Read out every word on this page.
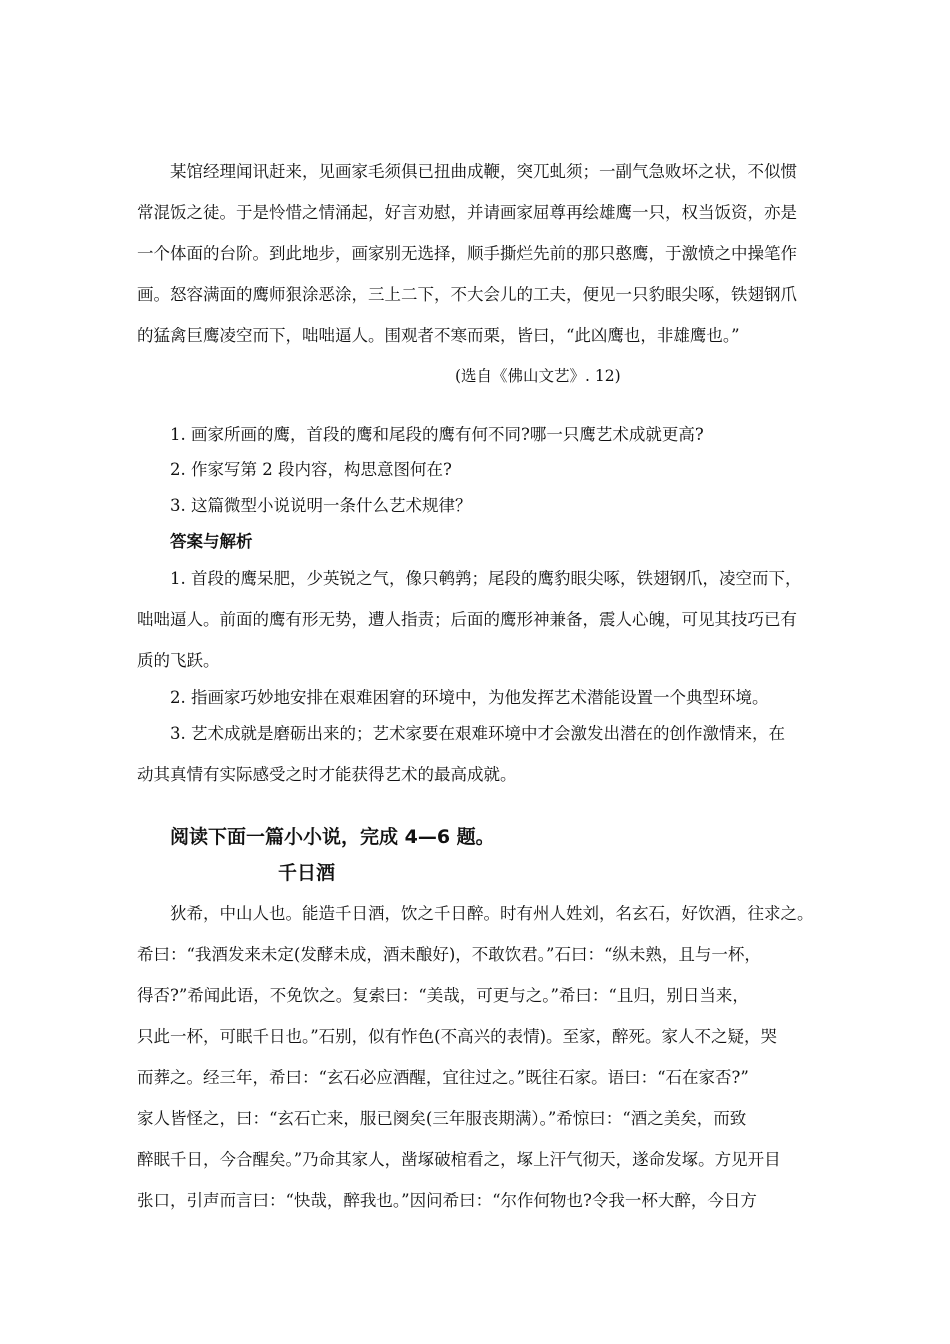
某馆经理闻讯赶来，见画家毛须俱已扭曲成鞭，突兀虬须；一副气急败坏之状，不似惯
常混饭之徒。于是怜惜之情涌起，好言劝慰，并请画家屈尊再绘雄鹰一只，权当饭资，亦是
一个体面的台阶。到此地步，画家别无选择，顺手撕烂先前的那只憨鹰，于激愤之中操笔作
画。怒容满面的鹰师狠涂恶涂，三上二下，不大会儿的工夫，便见一只豹眼尖啄，铁翅钢爪
的猛禽巨鹰凌空而下，咄咄逼人。围观者不寒而栗，皆曰，“此凶鹰也，非雄鹰也。”
(选自《佛山文艺》. 12)
1. 画家所画的鹰，首段的鹰和尾段的鹰有何不同?哪一只鹰艺术成就更高?
2. 作家写第 2 段内容，构思意图何在?
3. 这篇微型小说说明一条什么艺术规律？
答案与解析
1. 首段的鹰呆肥，少英锐之气，像只鹌鹑；尾段的鹰豹眼尖啄，铁翅钢爪，凌空而下，
咄咄逼人。前面的鹰有形无势，遭人指责；后面的鹰形神兼备，震人心魄，可见其技巧已有
质的飞跃。
2. 指画家巧妙地安排在艰难困窘的环境中，为他发挥艺术潜能设置一个典型环境。
3. 艺术成就是磨砺出来的；艺术家要在艰难环境中才会激发出潜在的创作激情来，在
动其真情有实际感受之时才能获得艺术的最高成就。
阅读下面一篇小小说，完成 4—6 题。
千日酒
狄希，中山人也。能造千日酒，饮之千日醉。时有州人姓刘，名玄石，好饮酒，往求之。
希曰：“我酒发来未定(发酵未成，酒未酿好)，不敢饮君。”石曰：“纵未熟，且与一杯，
得否?”希闻此语，不免饮之。复索曰：“美哉，可更与之。”希曰：“且归，别日当来，
只此一杯，可眠千日也。”石别，似有怍色(不高兴的表情)。至家，醉死。家人不之疑，哭
而葬之。经三年，希曰：“玄石必应酒醒，宜往过之。”既往石家。语曰：“石在家否?”
家人皆怪之，曰：“玄石亡来，服已阕矣(三年服丧期满）。”希惊曰：“酒之美矣，而致
醉眠千日，今合醒矣。”乃命其家人，凿塚破棺看之，塚上汗气彻天，遂命发塚。方见开目
张口，引声而言曰：“快哉，醉我也。”因问希曰：“尔作何物也?令我一杯大醉，今日方
